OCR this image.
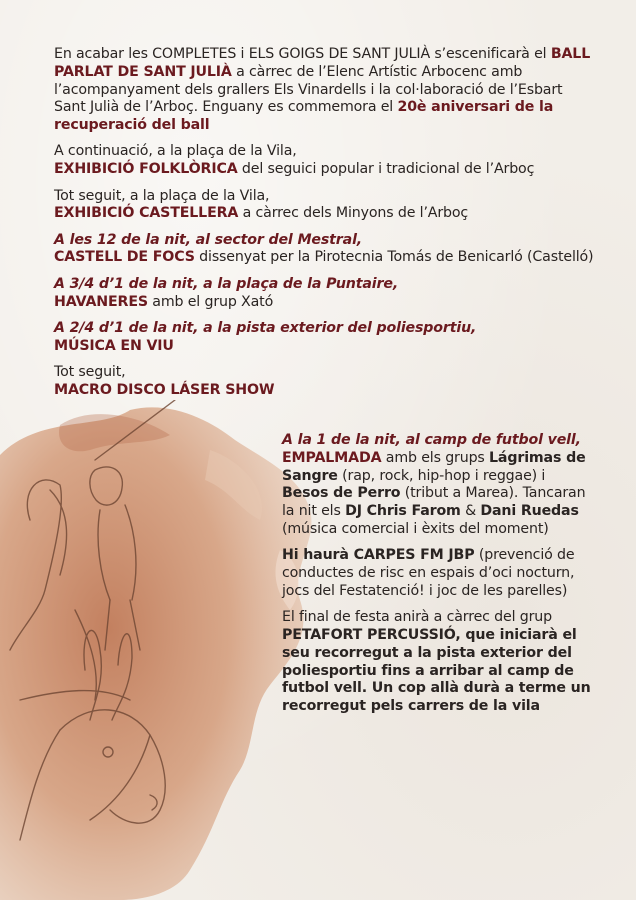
En acabar les COMPLETES i ELS GOIGS DE SANT JULIÀ s’escenificarà el BALL PARLAT DE SANT JULIÀ a càrrec de l’Elenc Artístic Arbocenc amb l’acompanyament dels grallers Els Vinardells i la col·laboració de l’Esbart Sant Julià de l’Arboç. Enguany es commemora el 20è aniversari de la recuperació del ball

A continuació, a la plaça de la Vila,
EXHIBICIÓ FOLKLÒRICA del seguici popular i tradicional de l’Arboç

Tot seguit, a la plaça de la Vila,
EXHIBICIÓ CASTELLERA a càrrec dels Minyons de l’Arboç

A les 12 de la nit, al sector del Mestral,
CASTELL DE FOCS dissenyat per la Pirotecnia Tomás de Benicarló (Castelló)

A 3/4 d’1 de la nit, a la plaça de la Puntaire,
HAVANERES amb el grup Xató

A 2/4 d’1 de la nit, a la pista exterior del poliesportiu,
MÚSICA EN VIU

Tot seguit,
MACRO DISCO LÁSER SHOW

A la 1 de la nit, al camp de futbol vell,
EMPALMADA amb els grups Lágrimas de Sangre (rap, rock, hip-hop i reggae) i Besos de Perro (tribut a Marea). Tancaran la nit els DJ Chris Farom & Dani Ruedas (música comercial i èxits del moment)

Hi haurà CARPES FM JBP (prevenció de conductes de risc en espais d’oci nocturn, jocs del Festatenció! i joc de les parelles)

El final de festa anirà a càrrec del grup PETAFORT PERCUSSIÓ, que iniciarà el seu recorregut a la pista exterior del poliesportiu fins a arribar al camp de futbol vell. Un cop allà durà a terme un recorregut pels carrers de la vila
